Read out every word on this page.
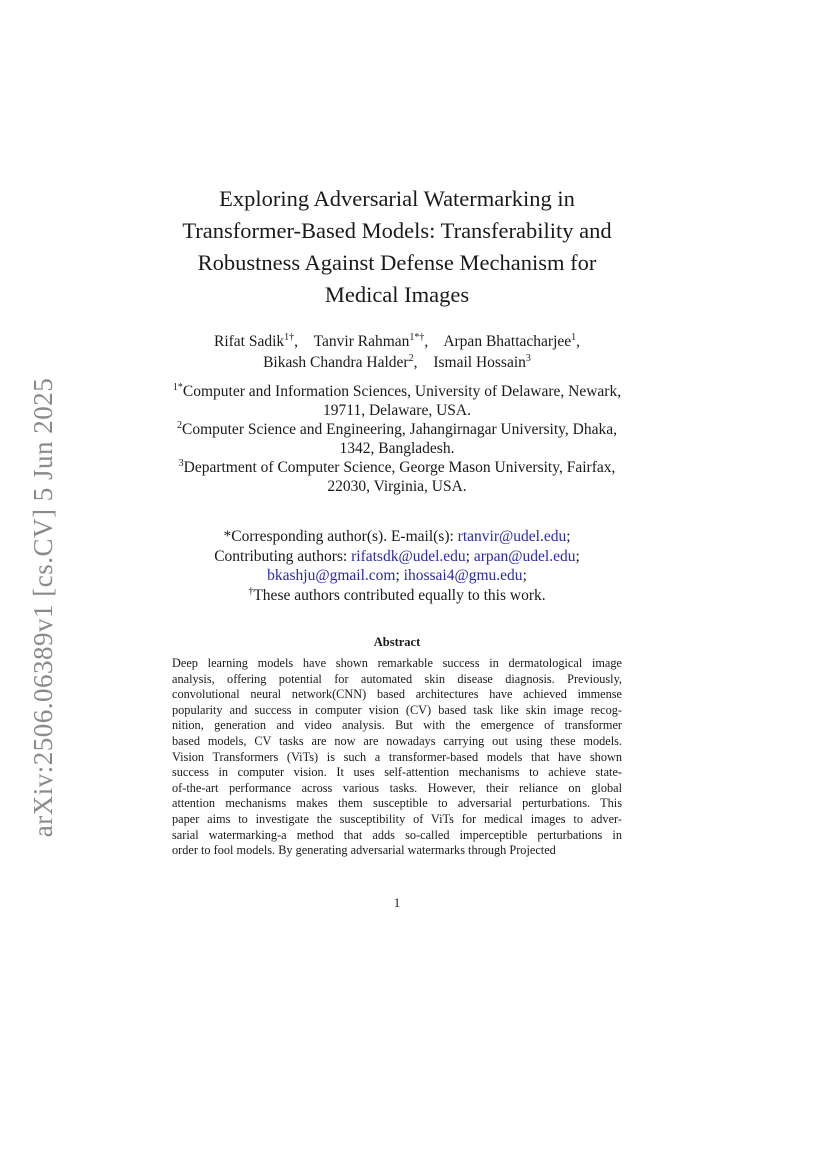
arXiv:2506.06389v1 [cs.CV] 5 Jun 2025
Exploring Adversarial Watermarking in
Transformer-Based Models: Transferability and
Robustness Against Defense Mechanism for
Medical Images
Rifat Sadik$^{1\dagger}$, Tanvir Rahman$^{1*\dagger}$, Arpan Bhattacharjee$^1$,
Bikash Chandra Halder$^2$, Ismail Hossain$^3$
$^{1*}$Computer and Information Sciences, University of Delaware, Newark,
19711, Delaware, USA.
$^2$Computer Science and Engineering, Jahangirnagar University, Dhaka,
1342, Bangladesh.
$^3$Department of Computer Science, George Mason University, Fairfax,
22030, Virginia, USA.
*Corresponding author(s). E-mail(s): rtanvir@udel.edu;
Contributing authors: rifatsdk@udel.edu; arpan@udel.edu;
bkashju@gmail.com; ihossai4@gmu.edu;
†These authors contributed equally to this work.
Abstract
Deep learning models have shown remarkable success in dermatological image
analysis, offering potential for automated skin disease diagnosis. Previously,
convolutional neural network(CNN) based architectures have achieved immense
popularity and success in computer vision (CV) based task like skin image recog-
nition, generation and video analysis. But with the emergence of transformer
based models, CV tasks are now are nowadays carrying out using these models.
Vision Transformers (ViTs) is such a transformer-based models that have shown
success in computer vision. It uses self-attention mechanisms to achieve state-
of-the-art performance across various tasks. However, their reliance on global
attention mechanisms makes them susceptible to adversarial perturbations. This
paper aims to investigate the susceptibility of ViTs for medical images to adver-
sarial watermarking-a method that adds so-called imperceptible perturbations in
order to fool models. By generating adversarial watermarks through Projected
1
